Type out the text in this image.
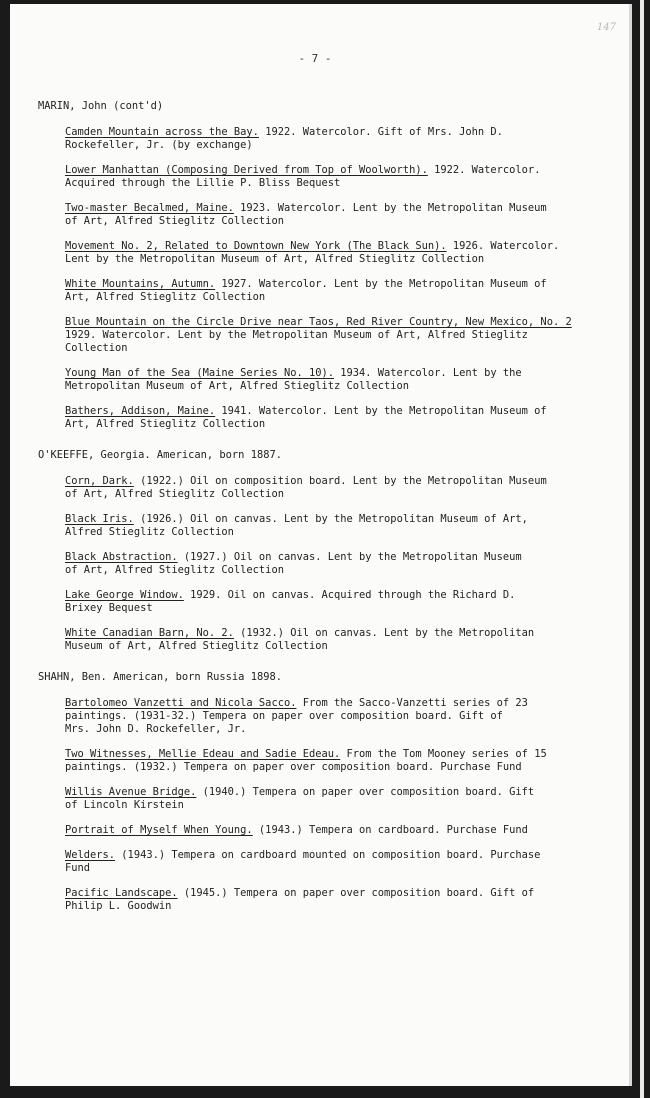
147
- 7 -
MARIN, John (cont'd)
Camden Mountain across the Bay. 1922. Watercolor. Gift of Mrs. John D.
Rockefeller, Jr. (by exchange)
Lower Manhattan (Composing Derived from Top of Woolworth). 1922. Watercolor.
Acquired through the Lillie P. Bliss Bequest
Two-master Becalmed, Maine. 1923. Watercolor. Lent by the Metropolitan Museum
of Art, Alfred Stieglitz Collection
Movement No. 2, Related to Downtown New York (The Black Sun). 1926. Watercolor.
Lent by the Metropolitan Museum of Art, Alfred Stieglitz Collection
White Mountains, Autumn. 1927. Watercolor. Lent by the Metropolitan Museum of
Art, Alfred Stieglitz Collection
Blue Mountain on the Circle Drive near Taos, Red River Country, New Mexico, No. 2
1929. Watercolor. Lent by the Metropolitan Museum of Art, Alfred Stieglitz
Collection
Young Man of the Sea (Maine Series No. 10). 1934. Watercolor. Lent by the
Metropolitan Museum of Art, Alfred Stieglitz Collection
Bathers, Addison, Maine. 1941. Watercolor. Lent by the Metropolitan Museum of
Art, Alfred Stieglitz Collection
O'KEEFFE, Georgia. American, born 1887.
Corn, Dark. (1922.) Oil on composition board. Lent by the Metropolitan Museum
of Art, Alfred Stieglitz Collection
Black Iris. (1926.) Oil on canvas. Lent by the Metropolitan Museum of Art,
Alfred Stieglitz Collection
Black Abstraction. (1927.) Oil on canvas. Lent by the Metropolitan Museum
of Art, Alfred Stieglitz Collection
Lake George Window. 1929. Oil on canvas. Acquired through the Richard D.
Brixey Bequest
White Canadian Barn, No. 2. (1932.) Oil on canvas. Lent by the Metropolitan
Museum of Art, Alfred Stieglitz Collection
SHAHN, Ben. American, born Russia 1898.
Bartolomeo Vanzetti and Nicola Sacco. From the Sacco-Vanzetti series of 23
paintings. (1931-32.) Tempera on paper over composition board. Gift of
Mrs. John D. Rockefeller, Jr.
Two Witnesses, Mellie Edeau and Sadie Edeau. From the Tom Mooney series of 15
paintings. (1932.) Tempera on paper over composition board. Purchase Fund
Willis Avenue Bridge. (1940.) Tempera on paper over composition board. Gift
of Lincoln Kirstein
Portrait of Myself When Young. (1943.) Tempera on cardboard. Purchase Fund
Welders. (1943.) Tempera on cardboard mounted on composition board. Purchase
Fund
Pacific Landscape. (1945.) Tempera on paper over composition board. Gift of
Philip L. Goodwin
